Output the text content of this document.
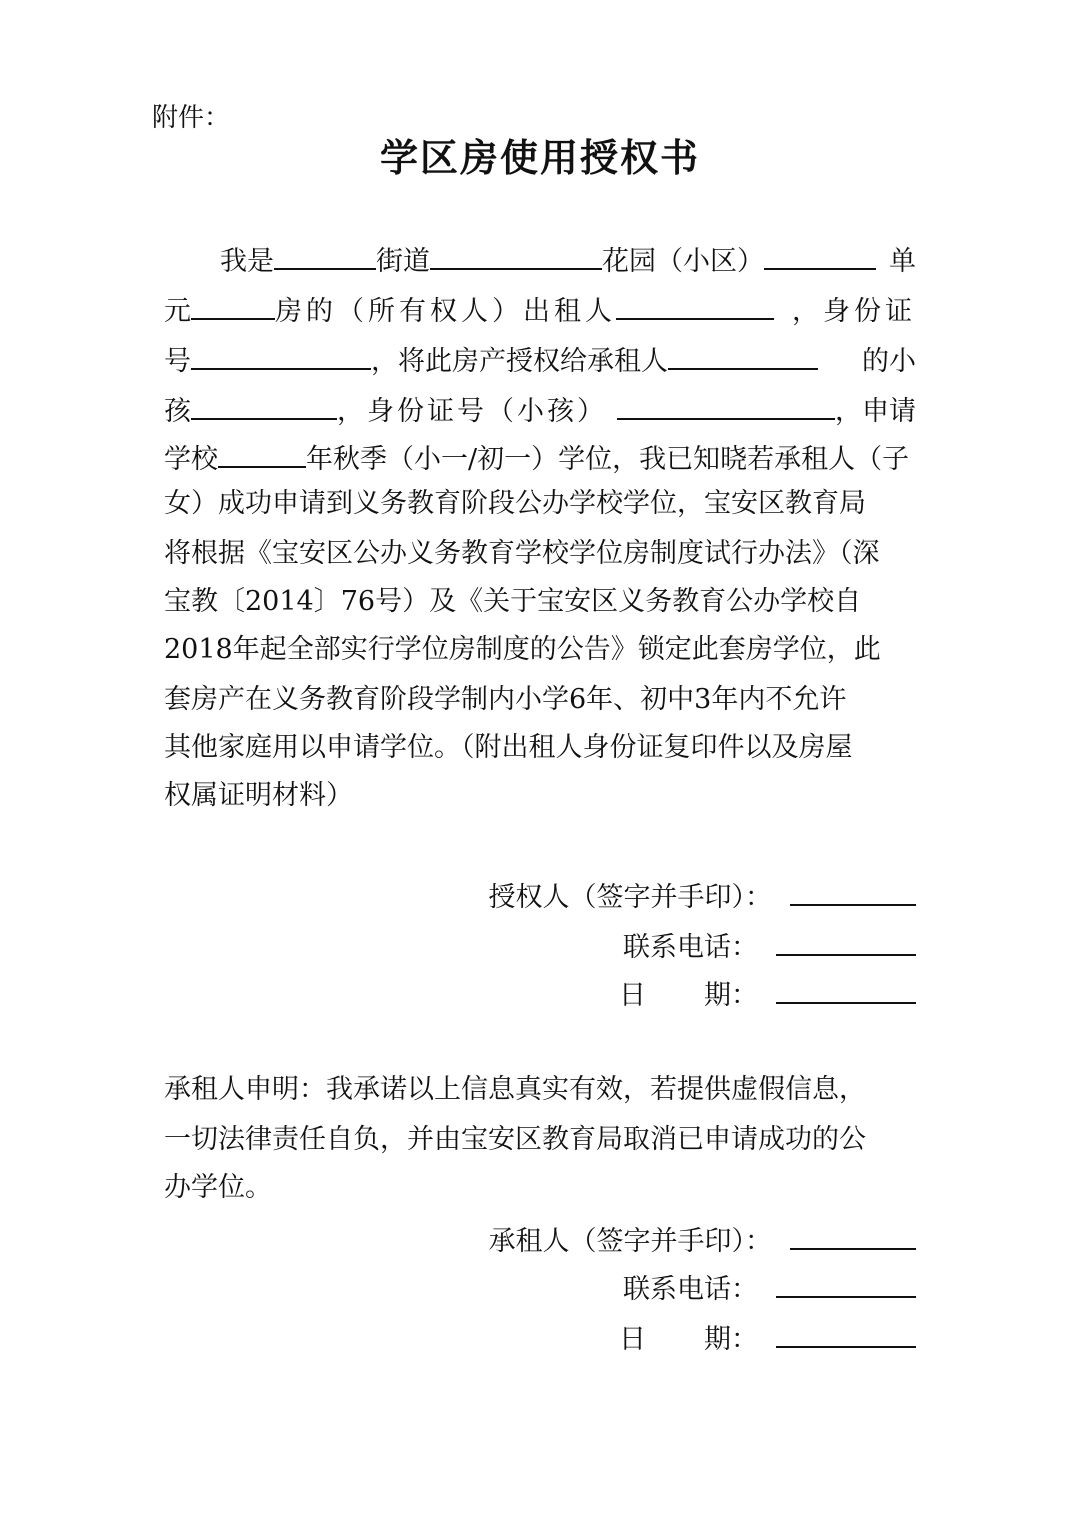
附件：
学区房使用授权书
我是	街道	花园（小区）	单
元	房的（所有权人）出租人	，身份证
号	，将此房产授权给承租人	的小
孩	，身份证号（小孩）	，申请
学校	年秋季（小一/初一）学位，我已知晓若承租人（子
女）成功申请到义务教育阶段公办学校学位，宝安区教育局
将根据《宝安区公办义务教育学校学位房制度试行办法》（深
宝教〔2014〕76号）及《关于宝安区义务教育公办学校自
2018年起全部实行学位房制度的公告》锁定此套房学位，此
套房产在义务教育阶段学制内小学6年、初中3年内不允许
其他家庭用以申请学位。（附出租人身份证复印件以及房屋
权属证明材料）
授权人（签字并手印）：
联系电话：
日 期：
承租人申明：我承诺以上信息真实有效，若提供虚假信息，
一切法律责任自负，并由宝安区教育局取消已申请成功的公
办学位。
承租人（签字并手印）：
联系电话：
日 期：
